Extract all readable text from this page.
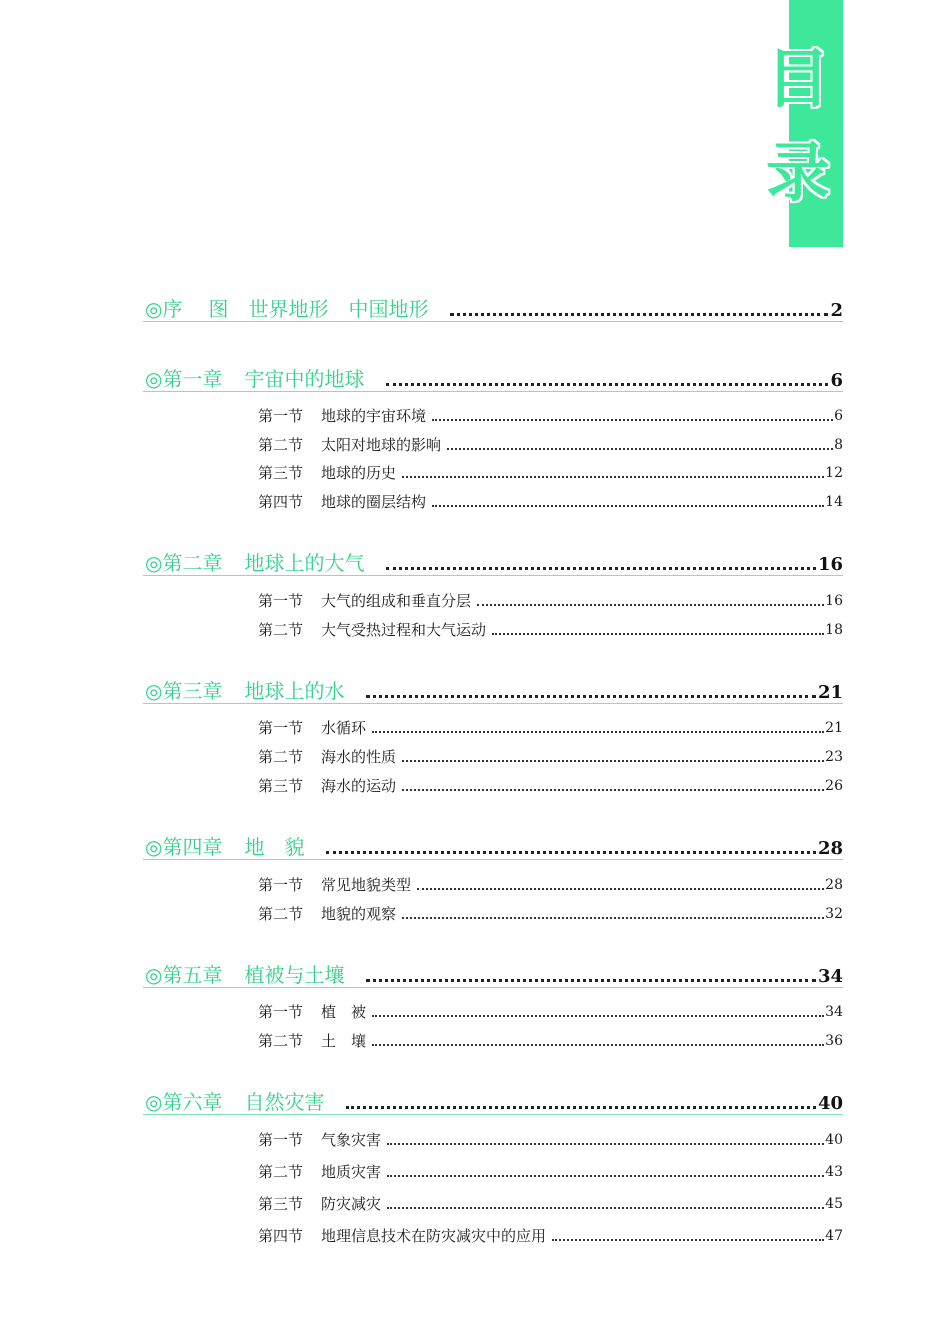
目
录
◎序 图　世界地形　中国地形	2
◎第一章 宇宙中的地球	6
第一节 地球的宇宙环境	6
第二节 太阳对地球的影响	8
第三节 地球的历史	12
第四节 地球的圈层结构	14
◎第二章 地球上的大气	16
第一节 大气的组成和垂直分层	16
第二节 大气受热过程和大气运动	18
◎第三章 地球上的水	21
第一节 水循环	21
第二节 海水的性质	23
第三节 海水的运动	26
◎第四章 地　貌	28
第一节 常见地貌类型	28
第二节 地貌的观察	32
◎第五章 植被与土壤	34
第一节 植　被	34
第二节 土　壤	36
◎第六章 自然灾害	40
第一节 气象灾害	40
第二节 地质灾害	43
第三节 防灾减灾	45
第四节 地理信息技术在防灾减灾中的应用	47
